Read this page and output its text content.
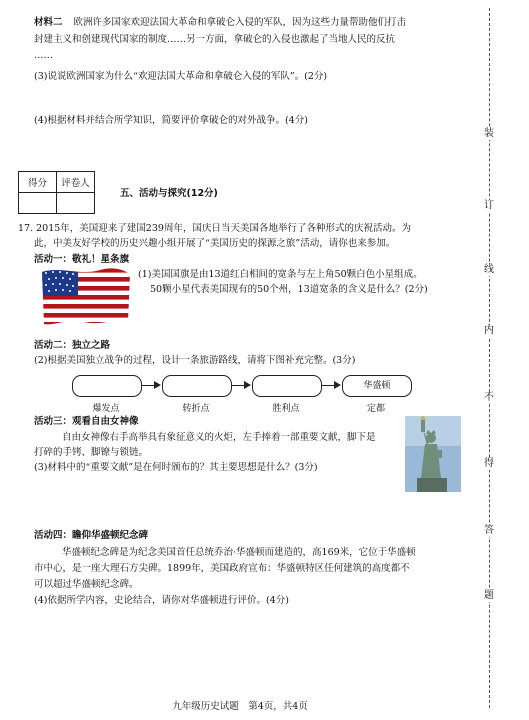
材料二 欧洲许多国家欢迎法国大革命和拿破仑入侵的军队，因为这些力量帮助他们打击
封建主义和创建现代国家的制度……另一方面，拿破仑的入侵也激起了当地人民的反抗
……
(3)说说欧洲国家为什么“欢迎法国大革命和拿破仑入侵的军队”。(2分)
(4)根据材料并结合所学知识，简要评价拿破仑的对外战争。(4分)
得分	评卷人

五、活动与探究(12分)
17. 2015年，美国迎来了建国239周年，国庆日当天美国各地举行了各种形式的庆祝活动。为
此，中美友好学校的历史兴趣小组开展了“美国历史的探源之旅”活动，请你也来参加。
活动一：敬礼！星条旗
(1)美国国旗是由13道红白相间的宽条与左上角50颗白色小星组成。
50颗小星代表美国现有的50个州，13道宽条的含义是什么？(2分)
活动二：独立之路
(2)根据美国独立战争的过程，设计一条旅游路线，请将下图补充完整。(3分)
华盛顿
爆发点	转折点	胜利点	定都
活动三：观看自由女神像
自由女神像右手高举具有象征意义的火炬，左手捧着一部重要文献，脚下是
打碎的手铐、脚镣与锁链。
(3)材料中的“重要文献”是在何时颁布的？其主要思想是什么？(3分)
活动四：瞻仰华盛顿纪念碑
华盛顿纪念碑是为纪念美国首任总统乔治·华盛顿而建造的，高169米，它位于华盛顿
市中心，是一座大理石方尖碑。1899年，美国政府宣布：华盛顿特区任何建筑的高度都不
可以超过华盛顿纪念碑。
(4)依据所学内容，史论结合，请你对华盛顿进行评价。(4分)
九年级历史试题　第4页，共4页
装
订
线
内
不
得
答
题
